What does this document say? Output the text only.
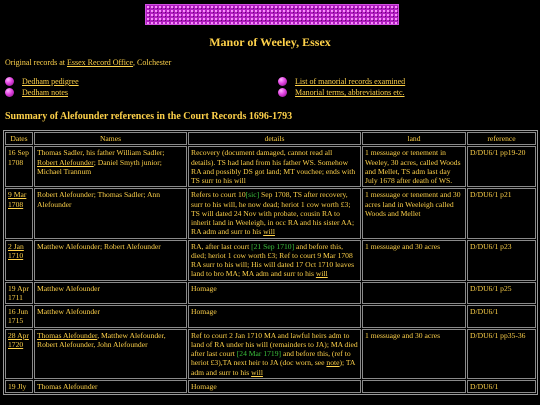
Manor of Weeley, Essex
Original records at Essex Record Office, Colchester
Dedham pedigree
Dedham notes
List of manorial records examined
Manorial terms, abbreviations etc.
Summary of Alefounder references in the Court Records 1696-1793
Dates	Names	details	land	reference
16 Sep 1708	Thomas Sadler, his father William Sadler; Robert Alefounder; Daniel Smyth junior; Michael Trannum	Recovery (document damaged, cannot read all details). TS had land from his father WS. Somehow RA and possibly DS got land; MT vouchee; ends with TS surr to his will	1 messuage or tenement in Weeley, 30 acres, called Woods and Mellet, TS adm last day July 1678 after death of WS.	D/DU6/1 pp19-20
9 Mar 1708	Robert Alefounder; Thomas Sadler; Ann Alefounder	Refers to court 10[sic] Sep 1708, TS after recovery, surr to his will, he now dead; heriot 1 cow worth £3; TS will dated 24 Nov with probate, cousin RA to inherit land in Weeleigh, in occ RA and his sister AA; RA adm and surr to his will	1 messuage or tenement and 30 acres land in Weeleigh called Woods and Mellet	D/DU6/1 p21
2 Jan 1710	Matthew Alefounder; Robert Alefounder	RA, after last court [21 Sep 1710] and before this, died; heriot 1 cow worth £3; Ref to court 9 Mar 1708 RA surr to his will; His will dated 17 Oct 1710 leaves land to bro MA; MA adm and surr to his will	1 messuage and 30 acres	D/DU6/1 p23
19 Apr 1711	Matthew Alefounder	Homage		D/DU6/1 p25
16 Jun 1715	Matthew Alefounder	Homage		D/DU6/1
28 Apr 1720	Thomas Alefounder, Matthew Alefounder, Robert Alefounder, John Alefounder	Ref to court 2 Jan 1710 MA and lawful heirs adm to land of RA under his will (remainders to JA); MA died after last court [24 Mar 1719] and before this, (ref to heriot £3),TA next heir to JA (doc worn, see note); TA adm and surr to his will	1 messuage and 30 acres	D/DU6/1 pp35-36
19 Jly	Thomas Alefounder	Homage		D/DU6/1
